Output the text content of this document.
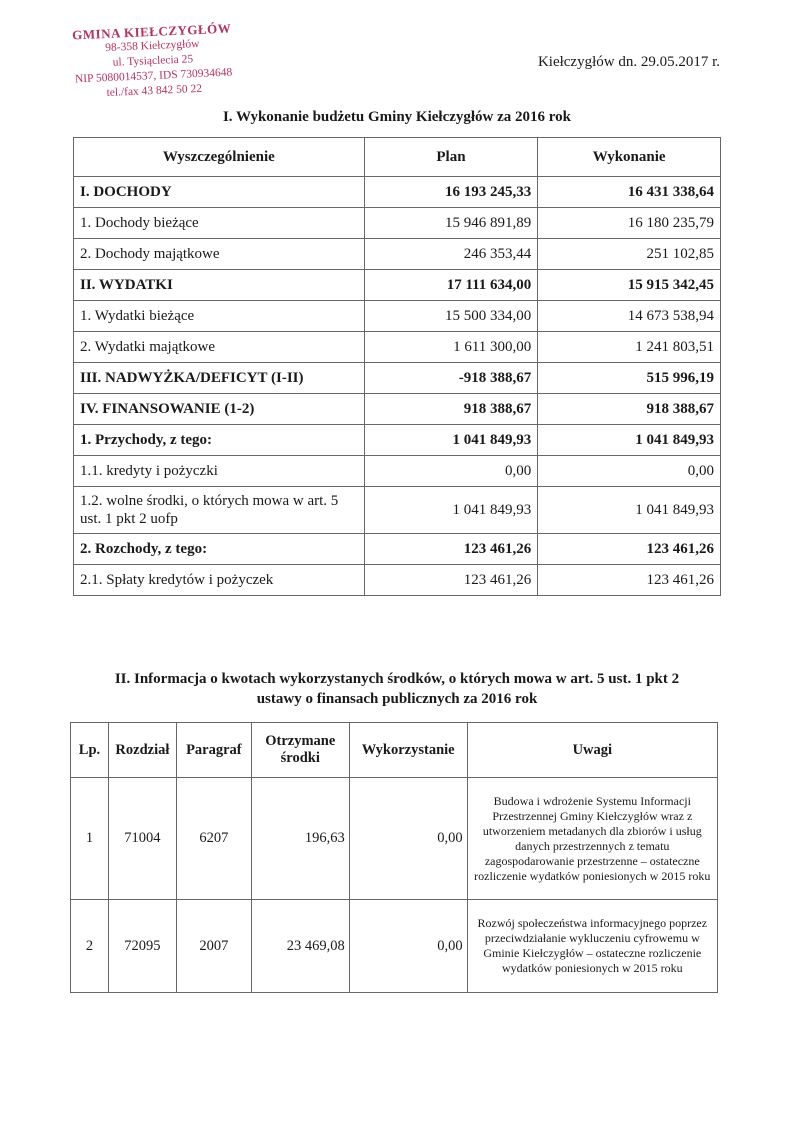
GMINA KIEŁCZYGŁÓW
98-358 Kiełczygłów
ul. Tysiąclecia 25
NIP 5080014537, IDS 730934648
tel./fax 43 842 50 22
Kiełczygłów dn. 29.05.2017 r.
I. Wykonanie budżetu Gminy Kiełczygłów za 2016 rok
Wyszczególnienie	Plan	Wykonanie
I. DOCHODY	16 193 245,33	16 431 338,64
1. Dochody bieżące	15 946 891,89	16 180 235,79
2. Dochody majątkowe	246 353,44	251 102,85
II. WYDATKI	17 111 634,00	15 915 342,45
1. Wydatki bieżące	15 500 334,00	14 673 538,94
2. Wydatki majątkowe	1 611 300,00	1 241 803,51
III. NADWYŻKA/DEFICYT (I-II)	-918 388,67	515 996,19
IV. FINANSOWANIE (1-2)	918 388,67	918 388,67
1. Przychody, z tego:	1 041 849,93	1 041 849,93
1.1. kredyty i pożyczki	0,00	0,00
1.2. wolne środki, o których mowa w art. 5 ust. 1 pkt 2 uofp	1 041 849,93	1 041 849,93
2. Rozchody, z tego:	123 461,26	123 461,26
2.1. Spłaty kredytów i pożyczek	123 461,26	123 461,26
II. Informacja o kwotach wykorzystanych środków, o których mowa w art. 5 ust. 1 pkt 2
ustawy o finansach publicznych za 2016 rok
Lp.	Rozdział	Paragraf	Otrzymane środki	Wykorzystanie	Uwagi
1	71004	6207	196,63	0,00	Budowa i wdrożenie Systemu Informacji Przestrzennej Gminy Kiełczygłów wraz z utworzeniem metadanych dla zbiorów i usług danych przestrzennych z tematu zagospodarowanie przestrzenne – ostateczne rozliczenie wydatków poniesionych w 2015 roku
2	72095	2007	23 469,08	0,00	Rozwój społeczeństwa informacyjnego poprzez przeciwdziałanie wykluczeniu cyfrowemu w Gminie Kiełczygłów – ostateczne rozliczenie wydatków poniesionych w 2015 roku
